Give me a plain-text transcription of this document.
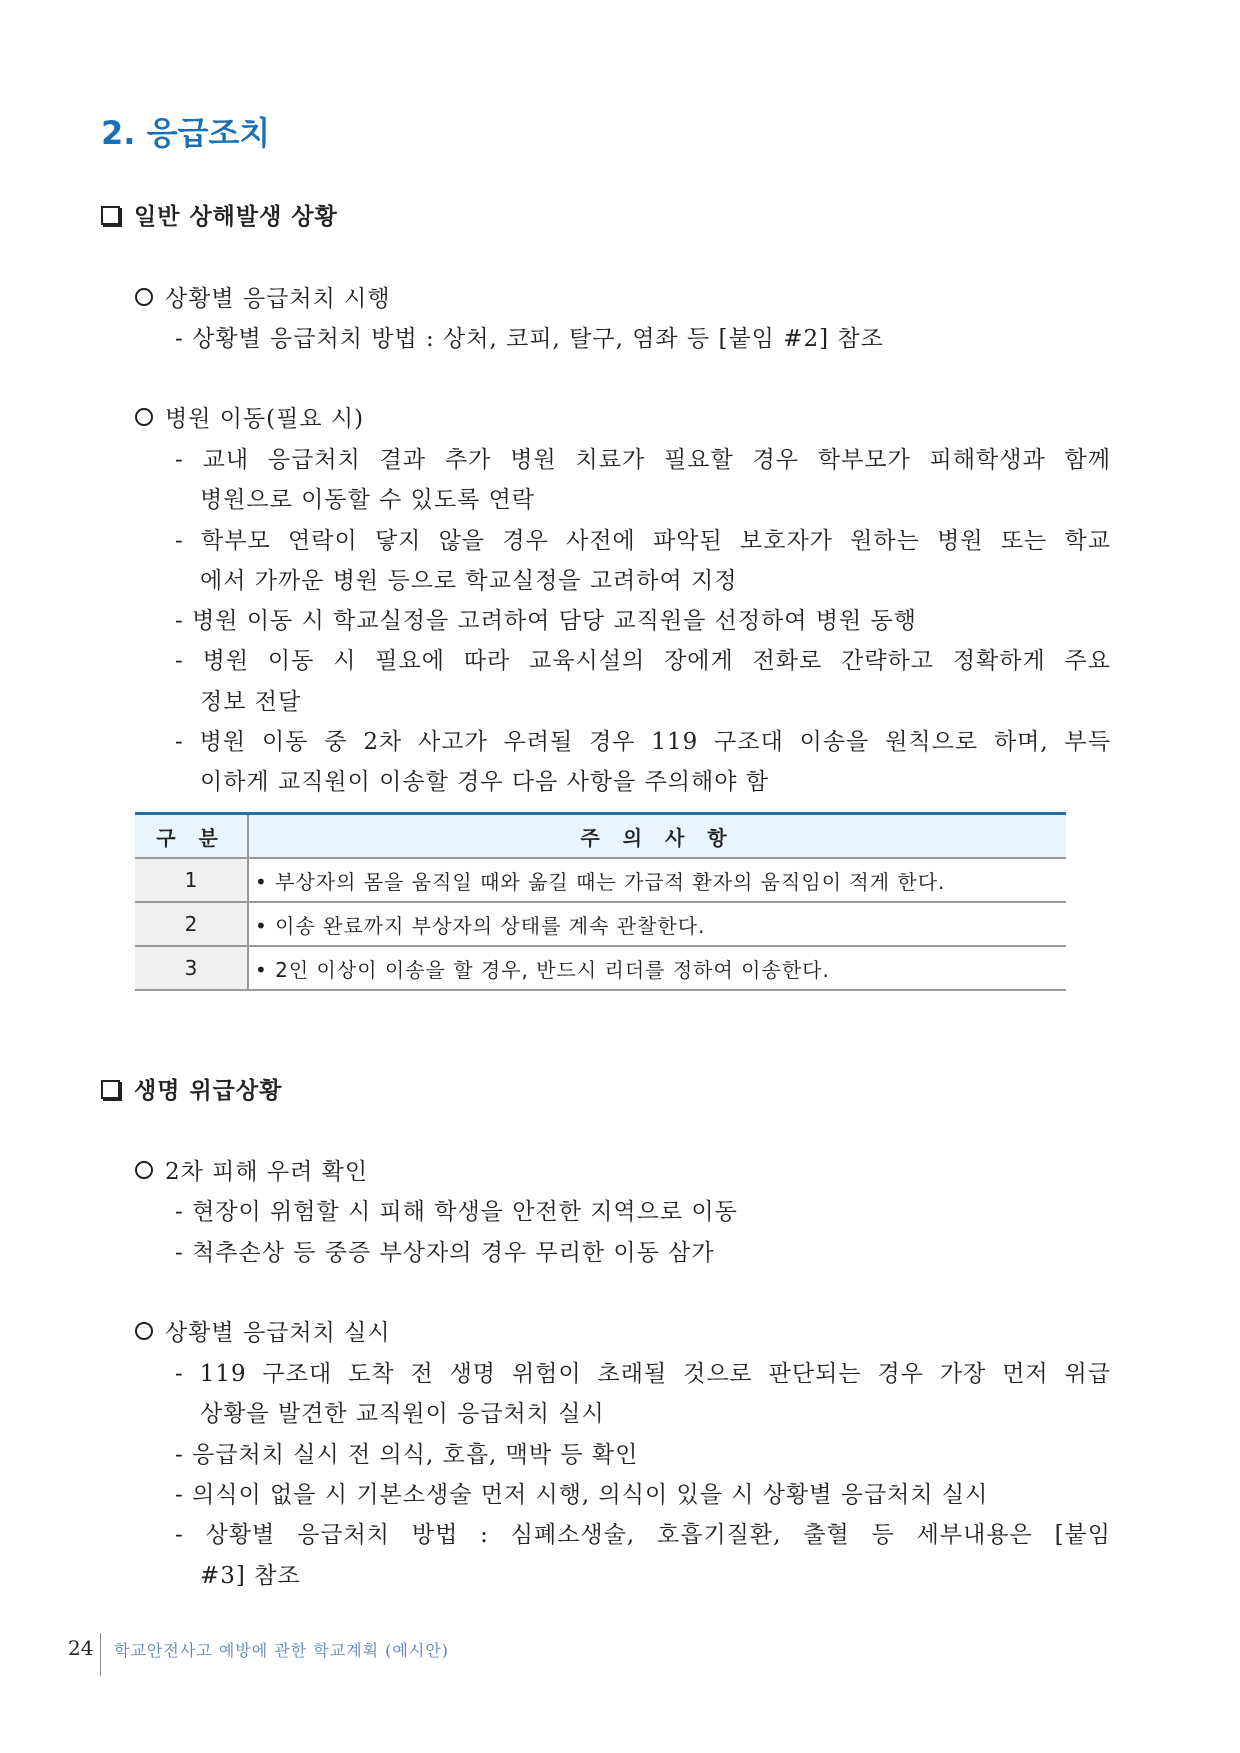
2. 응급조치
일반 상해발생 상황
상황별 응급처치 시행
- 상황별 응급처치 방법 : 상처, 코피, 탈구, 염좌 등 [붙임 #2] 참조
병원 이동(필요 시)
- 교내 응급처치 결과 추가 병원 치료가 필요할 경우 학부모가 피해학생과 함께
병원으로 이동할 수 있도록 연락
- 학부모 연락이 닿지 않을 경우 사전에 파악된 보호자가 원하는 병원 또는 학교
에서 가까운 병원 등으로 학교실정을 고려하여 지정
- 병원 이동 시 학교실정을 고려하여 담당 교직원을 선정하여 병원 동행
- 병원 이동 시 필요에 따라 교육시설의 장에게 전화로 간략하고 정확하게 주요
정보 전달
- 병원 이동 중 2차 사고가 우려될 경우 119 구조대 이송을 원칙으로 하며, 부득
이하게 교직원이 이송할 경우 다음 사항을 주의해야 함
구 분	주 의 사 항
1	• 부상자의 몸을 움직일 때와 옮길 때는 가급적 환자의 움직임이 적게 한다.
2	• 이송 완료까지 부상자의 상태를 계속 관찰한다.
3	• 2인 이상이 이송을 할 경우, 반드시 리더를 정하여 이송한다.
생명 위급상황
2차 피해 우려 확인
- 현장이 위험할 시 피해 학생을 안전한 지역으로 이동
- 척추손상 등 중증 부상자의 경우 무리한 이동 삼가
상황별 응급처치 실시
- 119 구조대 도착 전 생명 위험이 초래될 것으로 판단되는 경우 가장 먼저 위급
상황을 발견한 교직원이 응급처치 실시
- 응급처치 실시 전 의식, 호흡, 맥박 등 확인
- 의식이 없을 시 기본소생술 먼저 시행, 의식이 있을 시 상황별 응급처치 실시
- 상황별 응급처치 방법 : 심폐소생술, 호흡기질환, 출혈 등 세부내용은 [붙임
#3] 참조
24 학교안전사고 예방에 관한 학교계획 (예시안)
